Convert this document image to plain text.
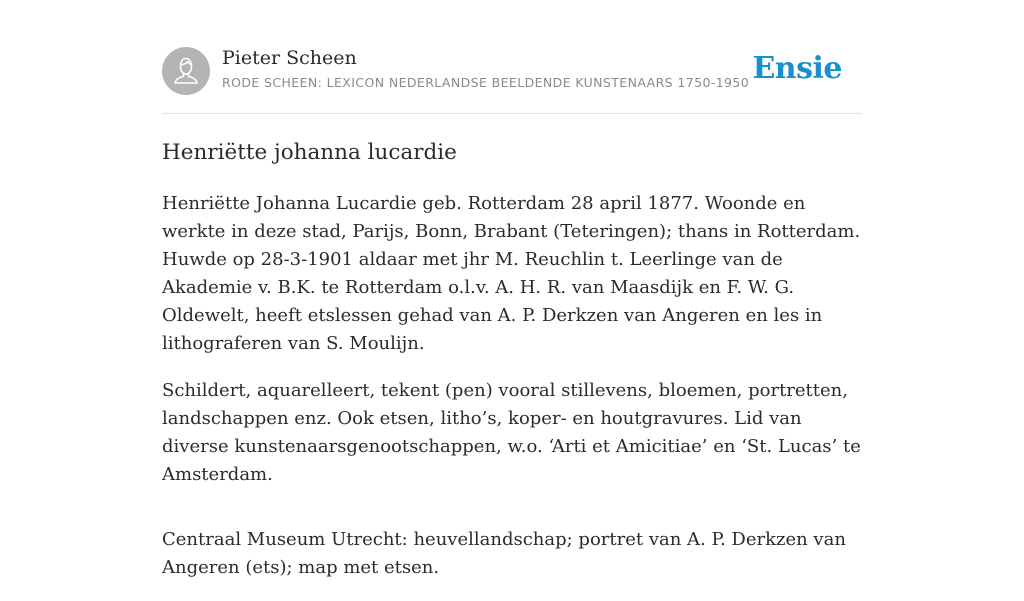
Pieter Scheen
RODE SCHEEN: LEXICON NEDERLANDSE BEELDENDE KUNSTENAARS 1750-1950 Ensie
Henriëtte johanna lucardie

Henriëtte Johanna Lucardie geb. Rotterdam 28 april 1877. Woonde en werkte in deze stad, Parijs, Bonn, Brabant (Teteringen); thans in Rotterdam. Huwde op 28-3-1901 aldaar met jhr M. Reuchlin t. Leerlinge van de Akademie v. B.K. te Rotterdam o.l.v. A. H. R. van Maasdijk en F. W. G. Oldewelt, heeft etslessen gehad van A. P. Derkzen van Angeren en les in lithograferen van S. Moulijn.

Schildert, aquarelleert, tekent (pen) vooral stillevens, bloemen, portretten, landschappen enz. Ook etsen, litho’s, koper- en houtgravures. Lid van diverse kunstenaarsgenootschappen, w.o. ‘Arti et Amicitiae’ en ‘St. Lucas’ te Amsterdam.

Centraal Museum Utrecht: heuvellandschap; portret van A. P. Derkzen van Angeren (ets); map met etsen.
